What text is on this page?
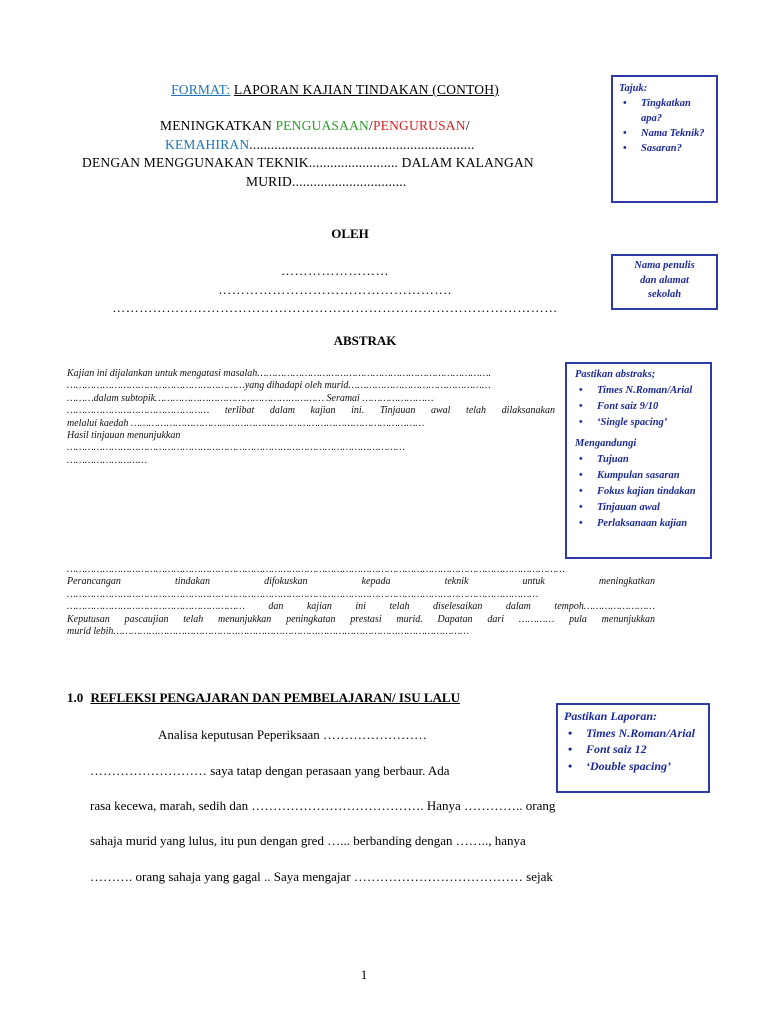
FORMAT: LAPORAN KAJIAN TINDAKAN (CONTOH)
MENINGKATKAN PENGUASAAN/PENGURUSAN/
KEMAHIRAN...............................................................
DENGAN MENGGUNAKAN TEKNIK......................... DALAM KALANGAN
MURID................................
OLEH
……………………
…………………………………………….
………………………………………………………………………………………
ABSTRAK

Kajian ini dijalankan untuk mengatasi masalah…………………………………………………………………….

……………………………………………………yang dihadapi oleh murid…………………………………………

………dalam subtopik………………………………………………… Seramai ……………………

………………………………………… terlibat dalam kajian ini. Tinjauan awal telah dilaksanakan

melalui kaedah ………………………………………………………………………………………

Hasil tinjauan menunjukkan

……………………………………………………………………………………………………

………………………

……………………………………………………………………………………………………………………………………………………

Perancangan tindakan difokuskan kepada teknik untuk meningkatkan

……………………………………………………………………………………………………………………………………………

…………………………………………………… dan kajian ini telah diselesaikan dalam tempoh……………………

Keputusan pascaujian telah menunjukkan peningkatan prestasi murid. Dapatan dari ………… pula menunjukkan

murid lebih…………………………………………………………………………………………………………

1.0 REFLEKSI PENGAJARAN DAN PEMBELAJARAN/ ISU LALU
Analisa keputusan Peperiksaan ……………………
……………………… saya tatap dengan perasaan yang berbaur. Ada
rasa kecewa, marah, sedih dan …………………………………. Hanya ………….. orang
sahaja murid yang lulus, itu pun dengan gred …... berbanding dengan …….., hanya
………. orang sahaja yang gagal .. Saya mengajar ………………………………… sejak
Tajuk:
• Tingkatkan apa?
• Nama Teknik?
• Sasaran?
Nama penulis
dan alamat
sekolah
Pastikan abstraks;
• Times N.Roman/Arial
• Font saiz 9/10
• ‘Single spacing’
Mengandungi
• Tujuan
• Kumpulan sasaran
• Fokus kajian tindakan
• Tinjauan awal
• Perlaksanaan kajian
Pastikan Laporan:
• Times N.Roman/Arial
• Font saiz 12
• ‘Double spacing’
1
